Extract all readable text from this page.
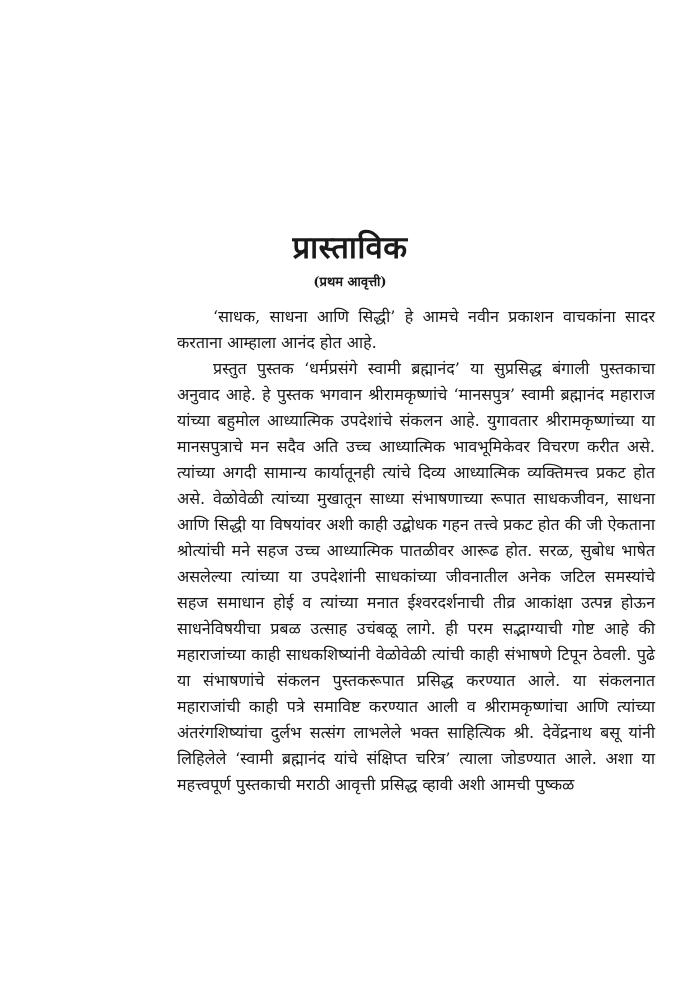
प्रास्ताविक
(प्रथम आवृत्ती)

‘साधक, साधना आणि सिद्धी’ हे आमचे नवीन प्रकाशन वाचकांना सादर करताना आम्हाला आनंद होत आहे.

प्रस्तुत पुस्तक ‘धर्मप्रसंगे स्वामी ब्रह्मानंद’ या सुप्रसिद्ध बंगाली पुस्तकाचा अनुवाद आहे. हे पुस्तक भगवान श्रीरामकृष्णांचे ‘मानसपुत्र’ स्वामी ब्रह्मानंद महाराज यांच्या बहुमोल आध्यात्मिक उपदेशांचे संकलन आहे. युगावतार श्रीरामकृष्णांच्या या मानसपुत्राचे मन सदैव अति उच्च आध्यात्मिक भावभूमिकेवर विचरण करीत असे. त्यांच्या अगदी सामान्य कार्यातूनही त्यांचे दिव्य आध्यात्मिक व्यक्तिमत्त्व प्रकट होत असे. वेळोवेळी त्यांच्या मुखातून साध्या संभाषणाच्या रूपात साधकजीवन, साधना आणि सिद्धी या विषयांवर अशी काही उद्बोधक गहन तत्त्वे प्रकट होत की जी ऐकताना श्रोत्यांची मने सहज उच्च आध्यात्मिक पातळीवर आरूढ होत. सरळ, सुबोध भाषेत असलेल्या त्यांच्या या उपदेशांनी साधकांच्या जीवनातील अनेक जटिल समस्यांचे सहज समाधान होई व त्यांच्या मनात ईश्वरदर्शनाची तीव्र आकांक्षा उत्पन्न होऊन साधनेविषयीचा प्रबळ उत्साह उचंबळू लागे. ही परम सद्भाग्याची गोष्ट आहे की महाराजांच्या काही साधकशिष्यांनी वेळोवेळी त्यांची काही संभाषणे टिपून ठेवली. पुढे या संभाषणांचे संकलन पुस्तकरूपात प्रसिद्ध करण्यात आले. या संकलनात महाराजांची काही पत्रे समाविष्ट करण्यात आली व श्रीरामकृष्णांचा आणि त्यांच्या अंतरंगशिष्यांचा दुर्लभ सत्संग लाभलेले भक्त साहित्यिक श्री. देवेंद्रनाथ बसू यांनी लिहिलेले ‘स्वामी ब्रह्मानंद यांचे संक्षिप्त चरित्र’ त्याला जोडण्यात आले. अशा या महत्त्वपूर्ण पुस्तकाची मराठी आवृत्ती प्रसिद्ध व्हावी अशी आमची पुष्कळ
